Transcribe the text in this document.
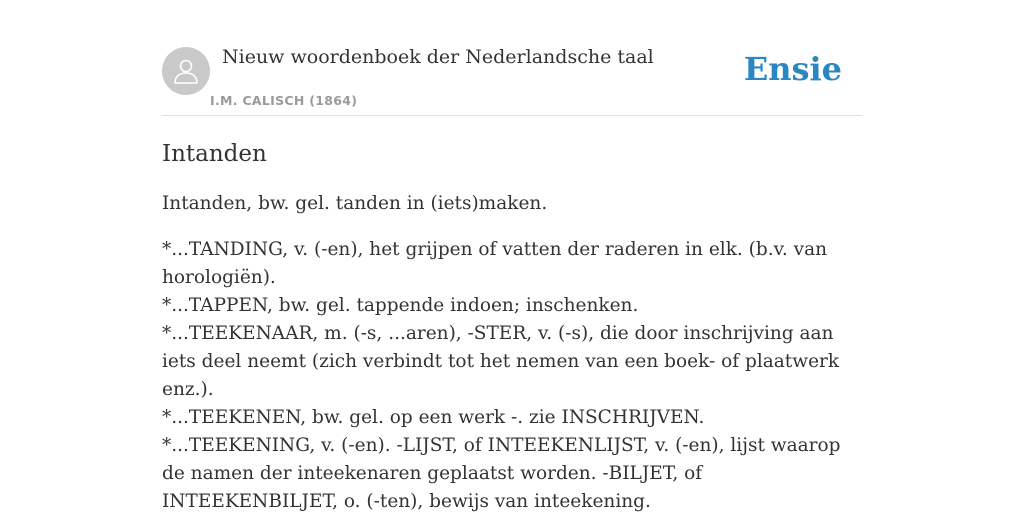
Nieuw woordenboek der Nederlandsche taal
I.M. CALISCH (1864)
Ensie
Intanden

Intanden, bw. gel. tanden in (iets)maken.

*...TANDING, v. (-en), het grijpen of vatten der raderen in elk. (b.v. van horologiën).

*...TAPPEN, bw. gel. tappende indoen; inschenken.

*...TEEKENAAR, m. (-s, ...aren), -STER, v. (-s), die door inschrijving aan iets deel neemt (zich verbindt tot het nemen van een boek- of plaatwerk enz.).

*...TEEKENEN, bw. gel. op een werk -. zie INSCHRIJVEN.

*...TEEKENING, v. (-en). -LIJST, of INTEEKENLIJST, v. (-en), lijst waarop de namen der inteekenaren geplaatst worden. -BILJET, of INTEEKENBILJET, o. (-ten), bewijs van inteekening.
